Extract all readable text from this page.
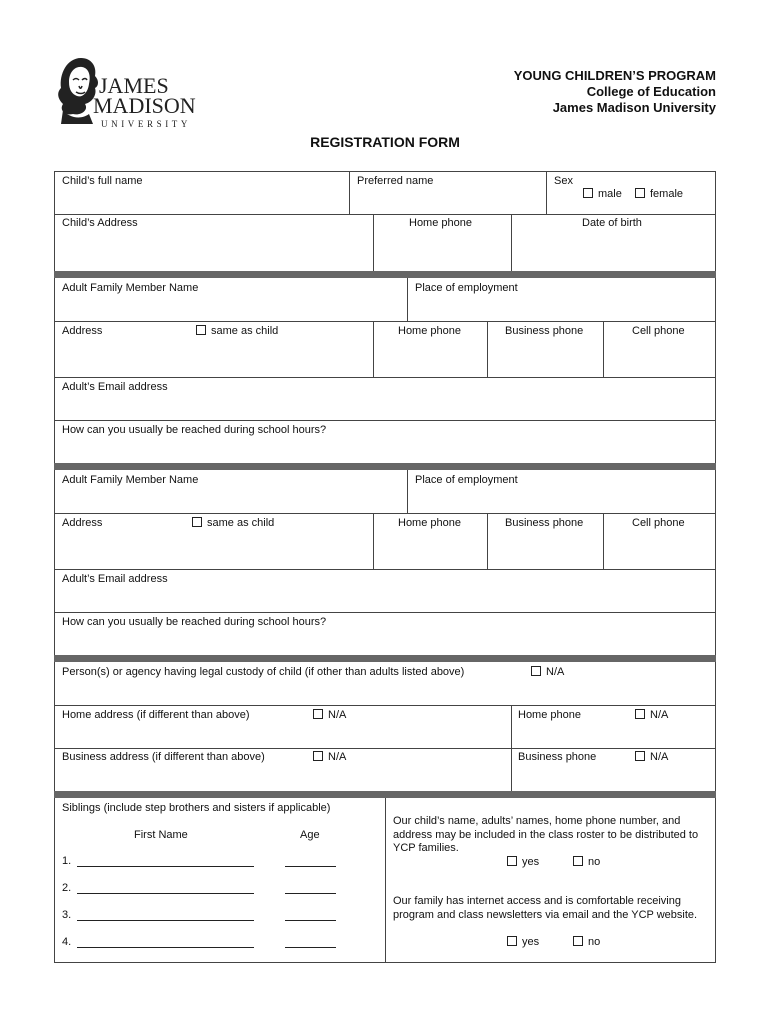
JAMES
MADISON
UNIVERSITY
YOUNG CHILDREN’S PROGRAM
College of Education
James Madison University
REGISTRATION FORM
Child’s full name	Preferred name	Sex
male	female
Child’s Address	Home phone	Date of birth
Adult Family Member Name	Place of employment
Address	same as child	Home phone	Business phone	Cell phone
Adult’s Email address
How can you usually be reached during school hours?
Adult Family Member Name	Place of employment
Address	same as child	Home phone	Business phone	Cell phone
Adult’s Email address
How can you usually be reached during school hours?
Person(s) or agency having legal custody of child (if other than adults listed above)	N/A
Home address (if different than above)	N/A	Home phone	N/A
Business address (if different than above)	N/A	Business phone	N/A
Siblings (include step brothers and sisters if applicable)
First Name	Age
1.
2.
3.
4.
Our child’s name, adults’ names, home phone number, and address may be included in the class roster to be distributed to YCP families.
yes	no
Our family has internet access and is comfortable receiving program and class newsletters via email and the YCP website.
yes	no
